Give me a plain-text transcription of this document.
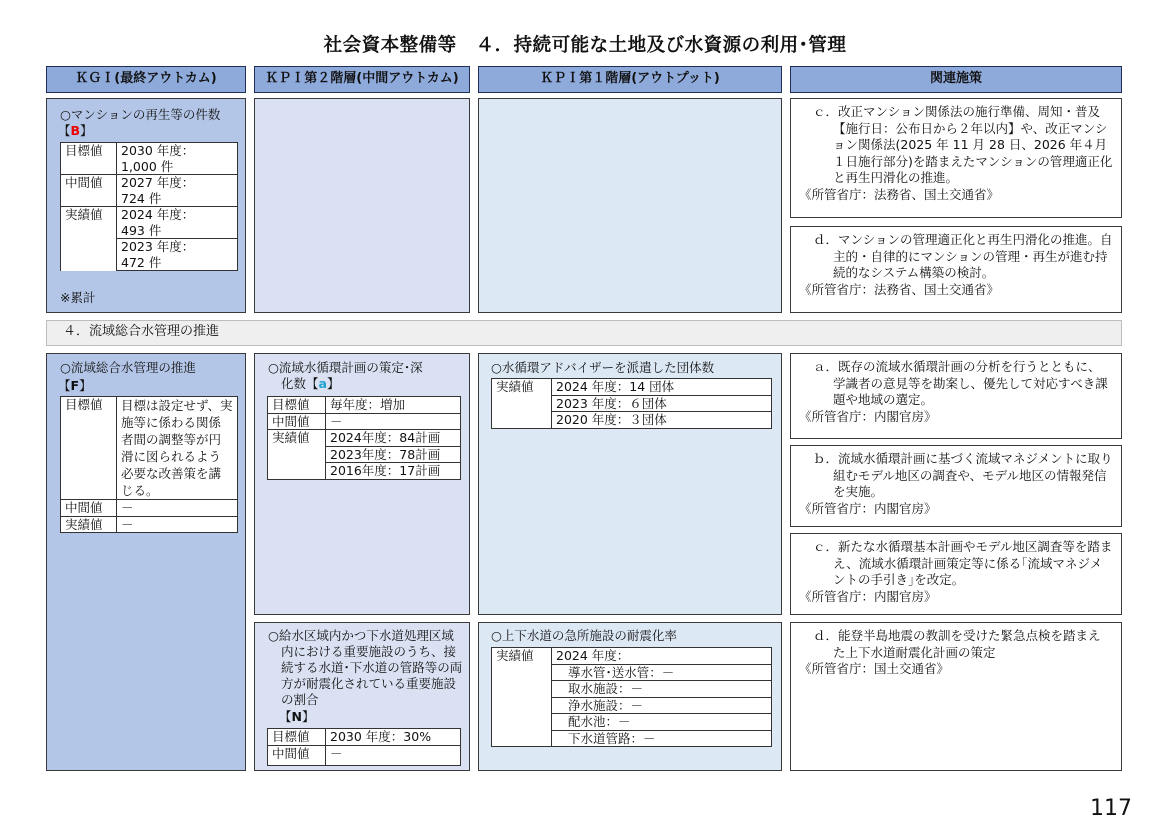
社会資本整備等　４．持続可能な土地及び水資源の利用･管理
ＫＧＩ(最終アウトカム)	ＫＰＩ第２階層(中間アウトカム)	ＫＰＩ第１階層(アウトプット)	関連施策
○マンションの再生等の件数
【B】
目標値	2030 年度：
1,000 件
中間値	2027 年度：
724 件
実績値	2024 年度：
493 件
	2023 年度：
472 件
※累計
ｃ．改正マンション関係法の施行準備、周知・普及【施行日：公布日から２年以内】や、改正マンション関係法(2025 年 11 月 28 日、2026 年４月１日施行部分)を踏まえたマンションの管理適正化と再生円滑化の推進。
《所管省庁：法務省、国土交通省》
ｄ．マンションの管理適正化と再生円滑化の推進。自主的・自律的にマンションの管理・再生が進む持続的なシステム構築の検討。
《所管省庁：法務省、国土交通省》
４．流域総合水管理の推進
○流域総合水管理の推進
【F】
目標値	目標は設定せず、実施等に係わる関係者間の調整等が円滑に図られるよう必要な改善策を講じる。
中間値	－
実績値	－
○流域水循環計画の策定･深
化数【a】
目標値	毎年度：増加
中間値	－
実績値	2024年度：84計画
	2023年度：78計画
	2016年度：17計画
○水循環アドバイザーを派遣した団体数
実績値	2024 年度：14 団体
2023 年度：６団体
2020 年度：３団体
○給水区域内かつ下水道処理区域内における重要施設のうち、接続する水道･下水道の管路等の両方が耐震化されている重要施設の割合
【N】
目標値	2030 年度：30%
中間値	－
○上下水道の急所施設の耐震化率
実績値	2024 年度：
導水管･送水管：－
取水施設：－
浄水施設：－
配水池：－
下水道管路：－
ａ．既存の流域水循環計画の分析を行うとともに、学識者の意見等を勘案し、優先して対応すべき課題や地域の選定。
《所管省庁：内閣官房》
ｂ．流域水循環計画に基づく流域マネジメントに取り組むモデル地区の調査や、モデル地区の情報発信を実施。
《所管省庁：内閣官房》
ｃ．新たな水循環基本計画やモデル地区調査等を踏まえ、流域水循環計画策定等に係る｢流域マネジメントの手引き｣を改定。
《所管省庁：内閣官房》
ｄ．能登半島地震の教訓を受けた緊急点検を踏まえた上下水道耐震化計画の策定
《所管省庁：国土交通省》
117
